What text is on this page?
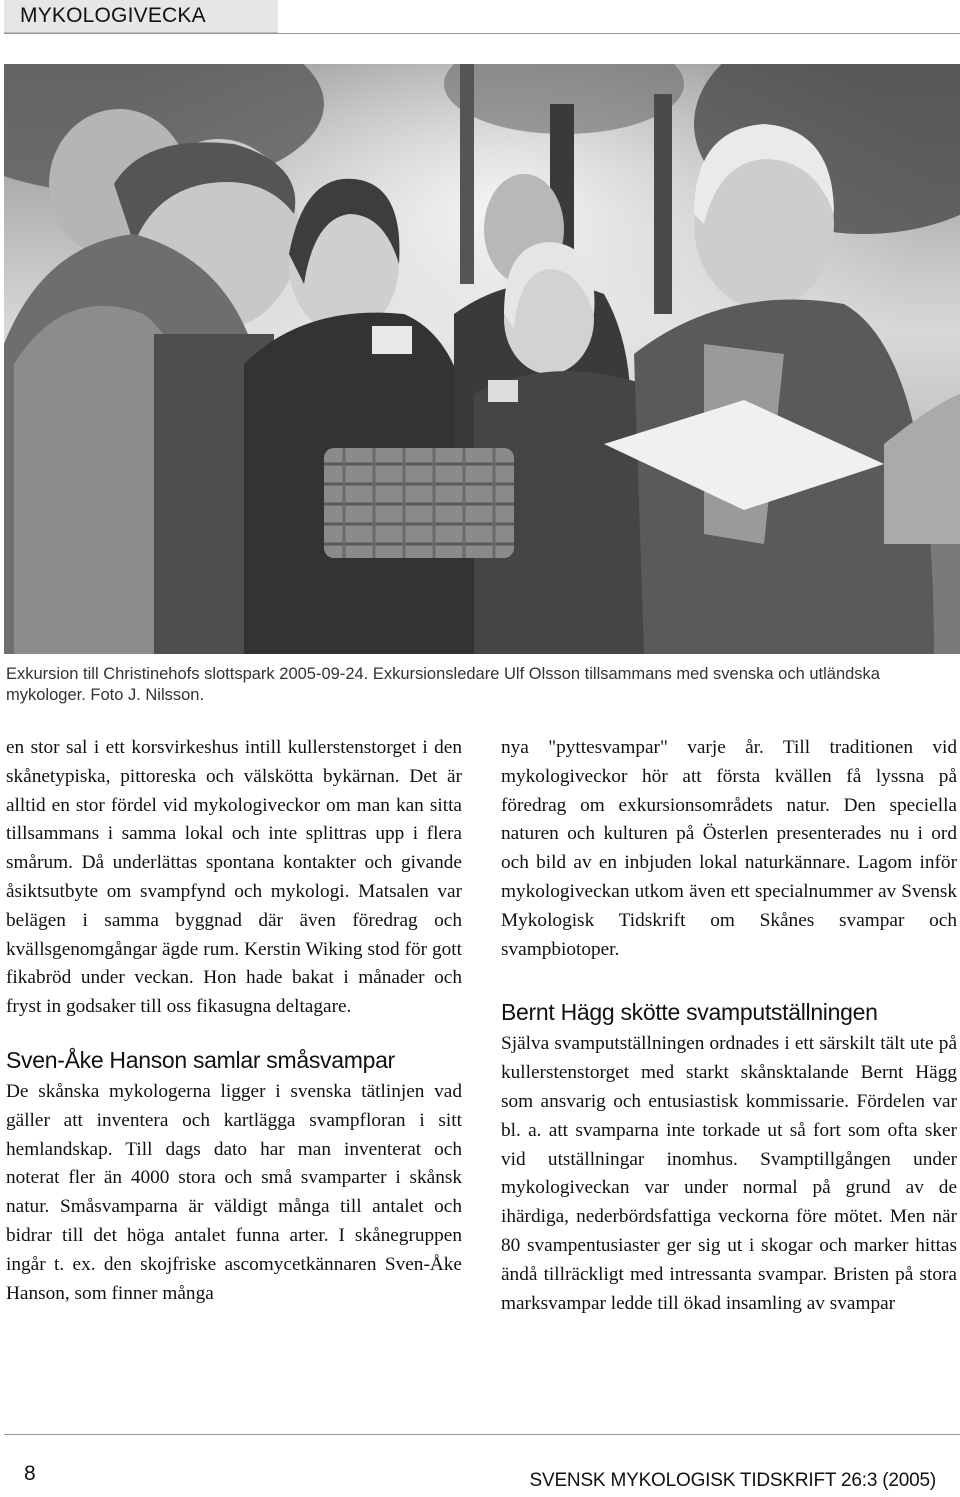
MYKOLOGIVECKA
Exkursion till Christinehofs slottspark 2005-09-24. Exkursionsledare Ulf Olsson tillsammans med svenska och utländska mykologer. Foto J. Nilsson.

en stor sal i ett korsvirkeshus intill kullerstenstorget i den skånetypiska, pittoreska och välskötta bykärnan. Det är alltid en stor fördel vid mykologiveckor om man kan sitta tillsammans i samma lokal och inte splittras upp i flera smårum. Då underlättas spontana kontakter och givande åsiktsutbyte om svampfynd och mykologi. Matsalen var belägen i samma byggnad där även föredrag och kvällsgenomgångar ägde rum. Kerstin Wiking stod för gott fikabröd under veckan. Hon hade bakat i månader och fryst in godsaker till oss fikasugna deltagare.

Sven-Åke Hanson samlar småsvampar

De skånska mykologerna ligger i svenska tätlinjen vad gäller att inventera och kartlägga svampfloran i sitt hemlandskap. Till dags dato har man inventerat och noterat fler än 4000 stora och små svamparter i skånsk natur. Småsvamparna är väldigt många till antalet och bidrar till det höga antalet funna arter. I skånegruppen ingår t. ex. den skojfriske ascomycetkännaren Sven-Åke Hanson, som finner många

nya "pyttesvampar" varje år. Till traditionen vid mykologiveckor hör att första kvällen få lyssna på föredrag om exkursionsområdets natur. Den speciella naturen och kulturen på Österlen presenterades nu i ord och bild av en inbjuden lokal naturkännare. Lagom inför mykologiveckan utkom även ett specialnummer av Svensk Mykologisk Tidskrift om Skånes svampar och svampbiotoper.

Bernt Hägg skötte svamputställningen

Själva svamputställningen ordnades i ett särskilt tält ute på kullerstenstorget med starkt skånsktalande Bernt Hägg som ansvarig och entusiastisk kommissarie. Fördelen var bl. a. att svamparna inte torkade ut så fort som ofta sker vid utställningar inomhus. Svamptillgången under mykologiveckan var under normal på grund av de ihärdiga, nederbördsfattiga veckorna före mötet. Men när 80 svampentusiaster ger sig ut i skogar och marker hittas ändå tillräckligt med intressanta svampar. Bristen på stora marksvampar ledde till ökad insamling av svampar

8	SVENSK MYKOLOGISK TIDSKRIFT 26:3 (2005)
